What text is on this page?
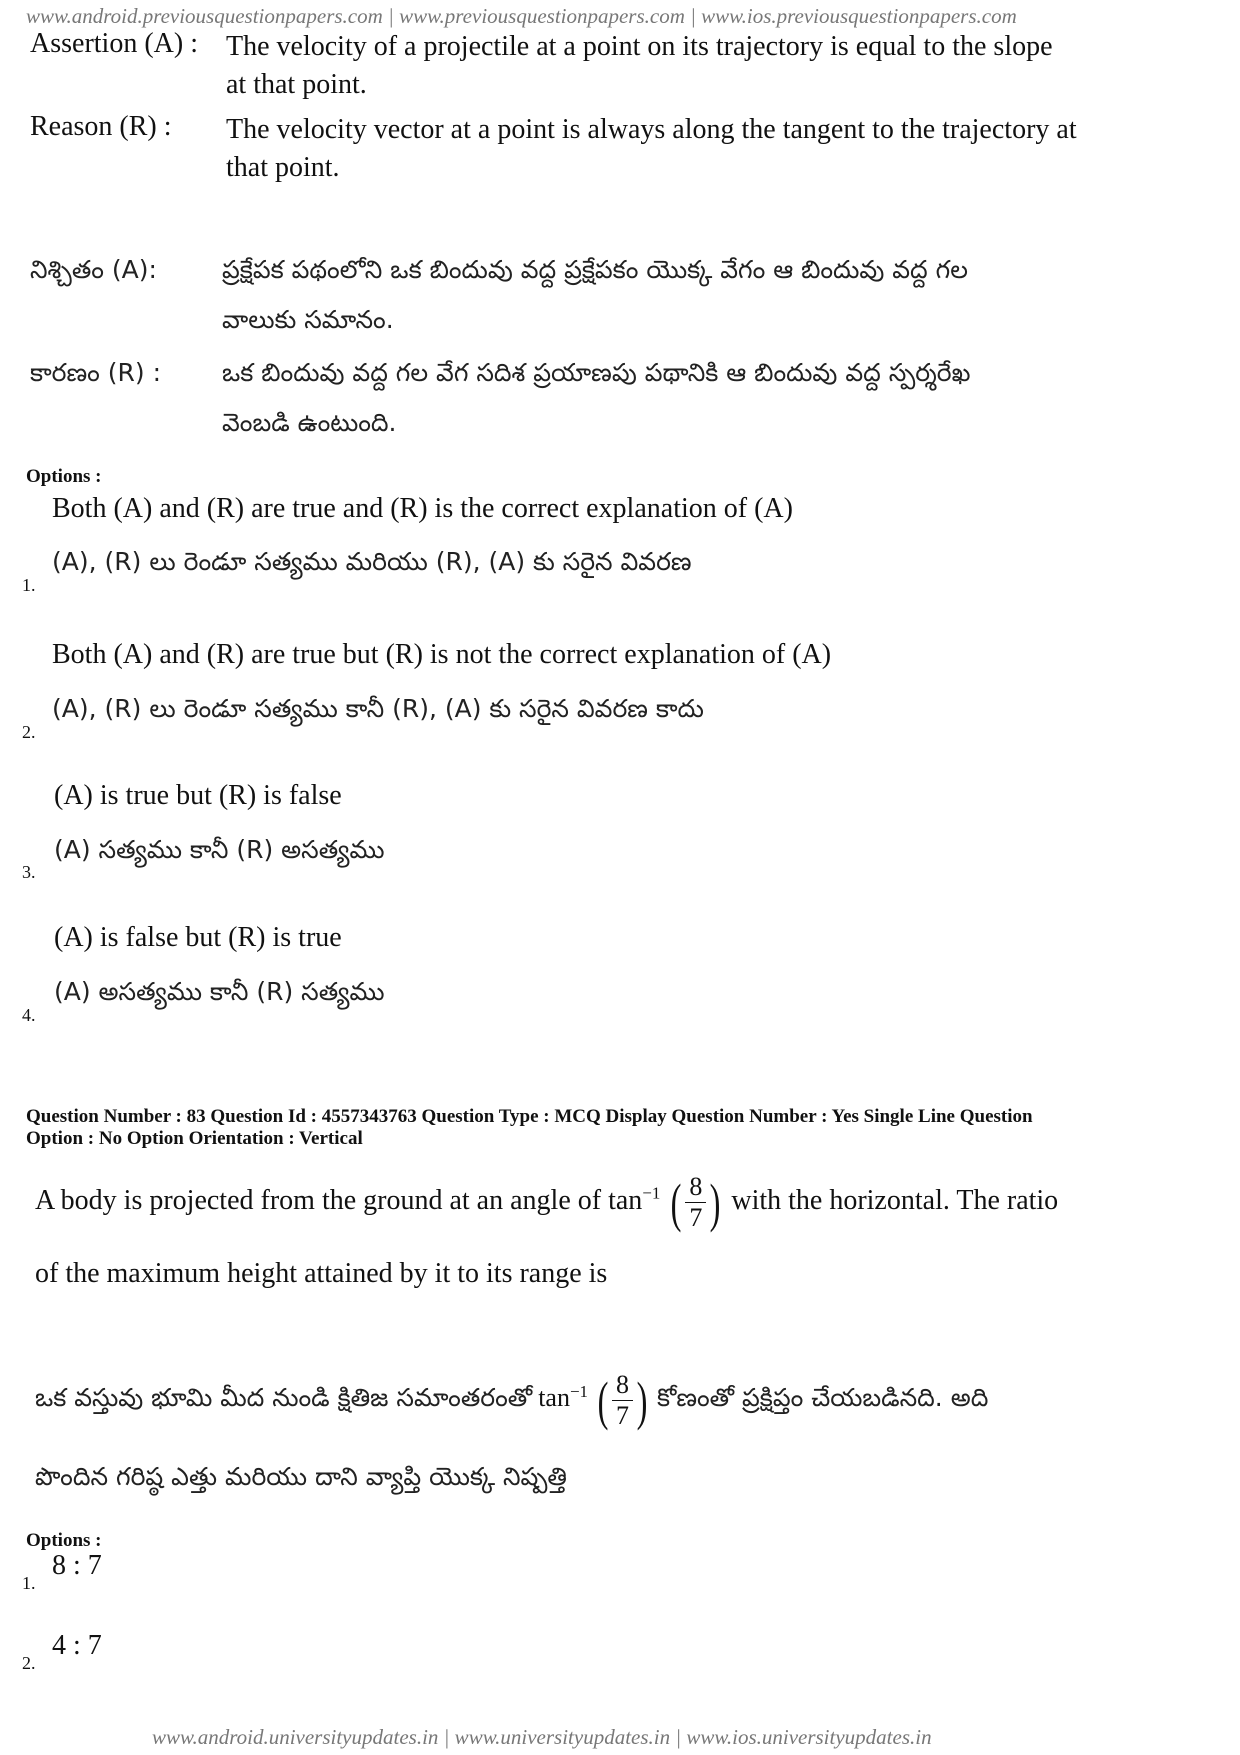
www.android.previousquestionpapers.com | www.previousquestionpapers.com | www.ios.previousquestionpapers.com
Assertion (A) : The velocity of a projectile at a point on its trajectory is equal to the slope
at that point.
Reason (R) : The velocity vector at a point is always along the tangent to the trajectory at
that point.
నిశ్చితం (A):	ప్రక్షేపక పథంలోని ఒక బిందువు వద్ద ప్రక్షేపకం యొక్క వేగం ఆ బిందువు వద్ద గల
వాలుకు సమానం.
కారణం (R) : ఒక బిందువు వద్ద గల వేగ సదిశ ప్రయాణపు పథానికి ఆ బిందువు వద్ద స్పర్శరేఖ
వెంబడి ఉంటుంది.
Options :
Both (A) and (R) are true and (R) is the correct explanation of (A)
(A), (R) లు రెండూ సత్యము మరియు (R), (A) కు సరైన వివరణ
1.
Both (A) and (R) are true but (R) is not the correct explanation of (A)
(A), (R) లు రెండూ సత్యము కానీ (R), (A) కు సరైన వివరణ కాదు
2.
(A) is true but (R) is false
(A) సత్యము కానీ (R) అసత్యము
3.
(A) is false but (R) is true
(A) అసత్యము కానీ (R) సత్యము
4.
Question Number : 83 Question Id : 4557343763 Question Type : MCQ Display Question Number : Yes Single Line Question
Option : No Option Orientation : Vertical
A body is projected from the ground at an angle of $\tan^{-1}$ ( $\frac{8}{7}$ ) with the horizontal. The ratio
of the maximum height attained by it to its range is
ఒక వస్తువు భూమి మీద నుండి క్షితిజ సమాంతరంతో $\tan^{-1}$ ( $\frac{8}{7}$ ) కోణంతో ప్రక్షిప్తం చేయబడినది. అది
పొందిన గరిష్ఠ ఎత్తు మరియు దాని వ్యాప్తి యొక్క నిష్పత్తి
Options :
1.
8 : 7
2.
4 : 7
www.android.universityupdates.in | www.universityupdates.in | www.ios.universityupdates.in
